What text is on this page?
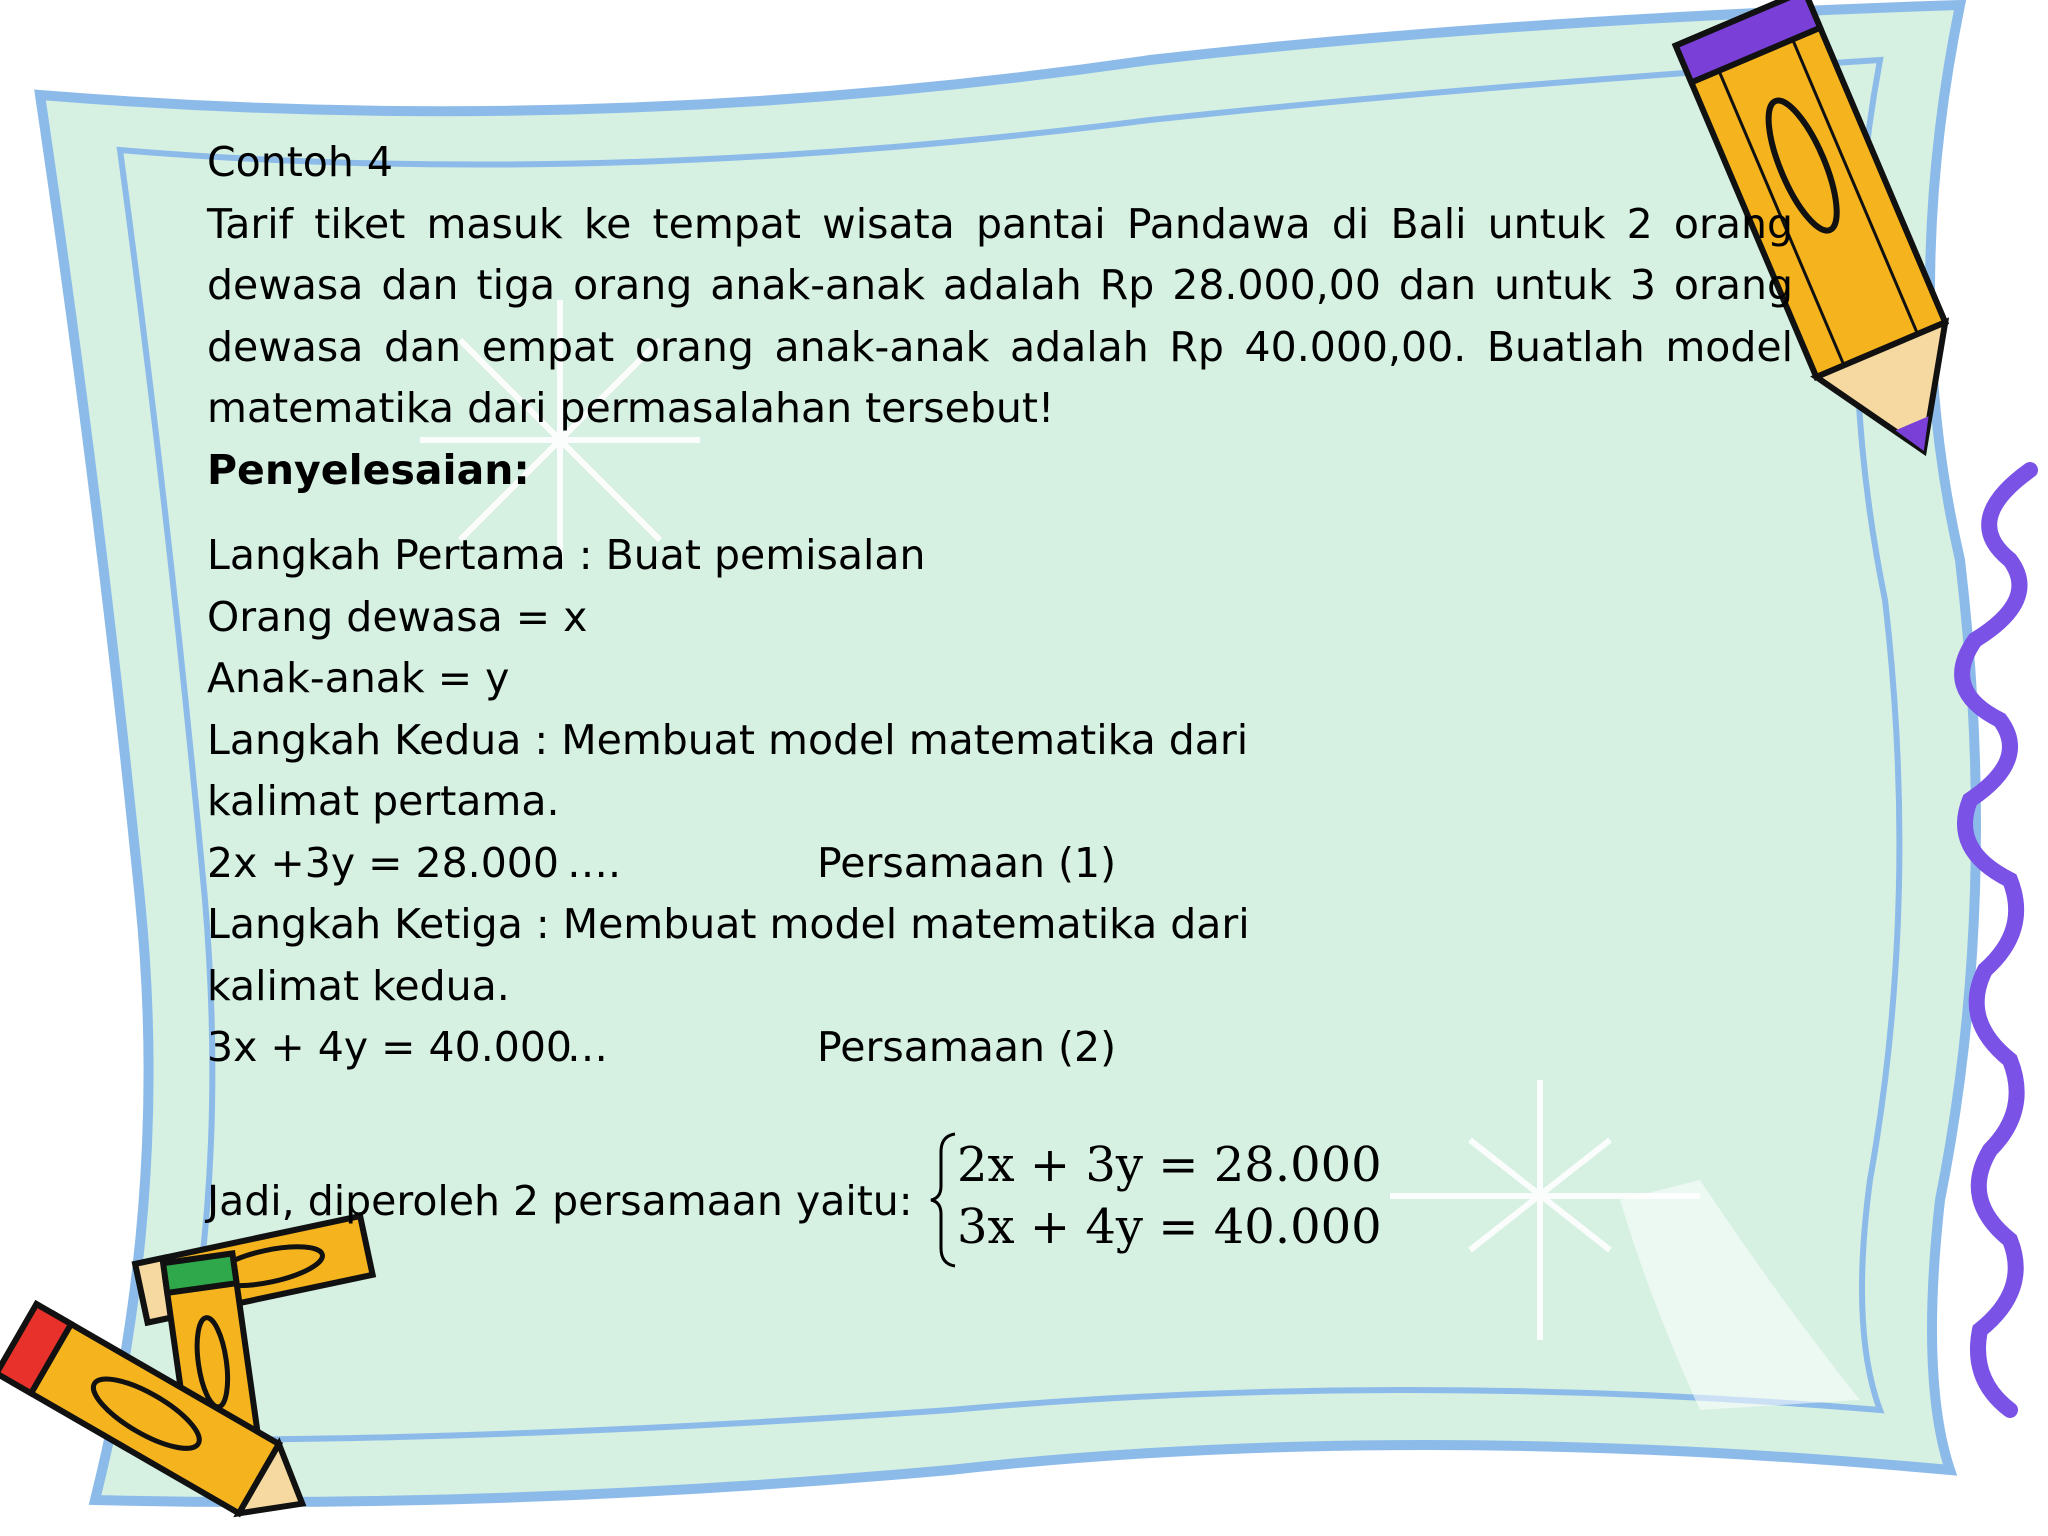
Contoh 4
Tarif tiket masuk ke tempat wisata pantai Pandawa di Bali untuk 2 orang dewasa dan tiga orang anak-anak adalah Rp 28.000,00 dan untuk 3 orang dewasa dan empat orang anak-anak adalah Rp 40.000,00. Buatlah model matematika dari permasalahan tersebut!
Penyelesaian:
Langkah Pertama : Buat pemisalan
Orang dewasa = x
Anak-anak = y
Langkah Kedua : Membuat model matematika dari
kalimat pertama.
2x +3y = 28.000 ….	Persamaan (1)
Langkah Ketiga : Membuat model matematika dari
kalimat kedua.
3x + 4y = 40.000…	Persamaan (2)
Jadi, diperoleh 2 persamaan yaitu:
2x + 3y = 28.000
3x + 4y = 40.000
